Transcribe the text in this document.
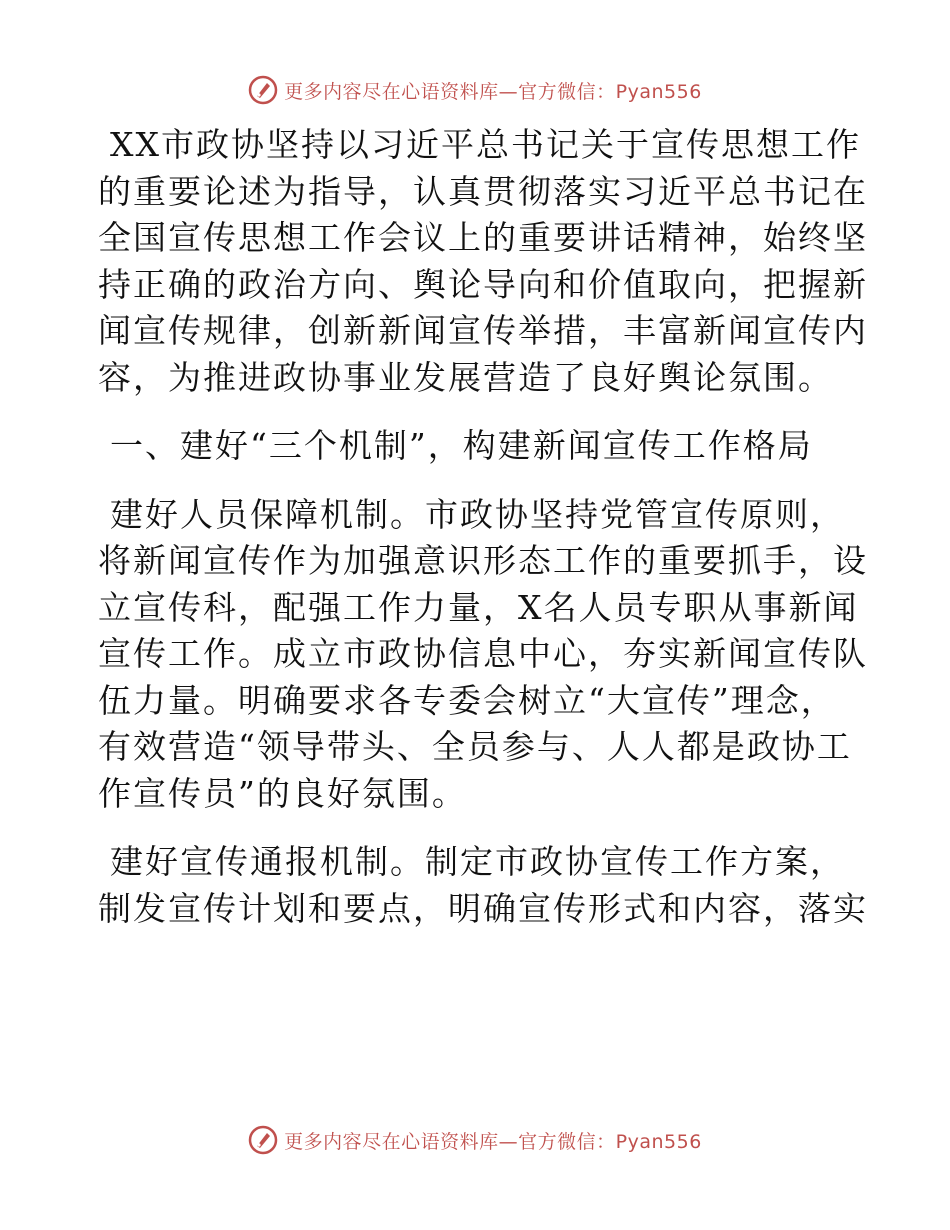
更多内容尽在心语资料库—官方微信：Pyan556

XX市政协坚持以习近平总书记关于宣传思想工作
的重要论述为指导，认真贯彻落实习近平总书记在
全国宣传思想工作会议上的重要讲话精神，始终坚
持正确的政治方向、舆论导向和价值取向，把握新
闻宣传规律，创新新闻宣传举措，丰富新闻宣传内
容，为推进政协事业发展营造了良好舆论氛围。

一、建好“三个机制”，构建新闻宣传工作格局

建好人员保障机制。市政协坚持党管宣传原则，
将新闻宣传作为加强意识形态工作的重要抓手，设
立宣传科，配强工作力量，X名人员专职从事新闻
宣传工作。成立市政协信息中心，夯实新闻宣传队
伍力量。明确要求各专委会树立“大宣传”理念，
有效营造“领导带头、全员参与、人人都是政协工
作宣传员”的良好氛围。

建好宣传通报机制。制定市政协宣传工作方案，
制发宣传计划和要点，明确宣传形式和内容，落实

更多内容尽在心语资料库—官方微信：Pyan556
